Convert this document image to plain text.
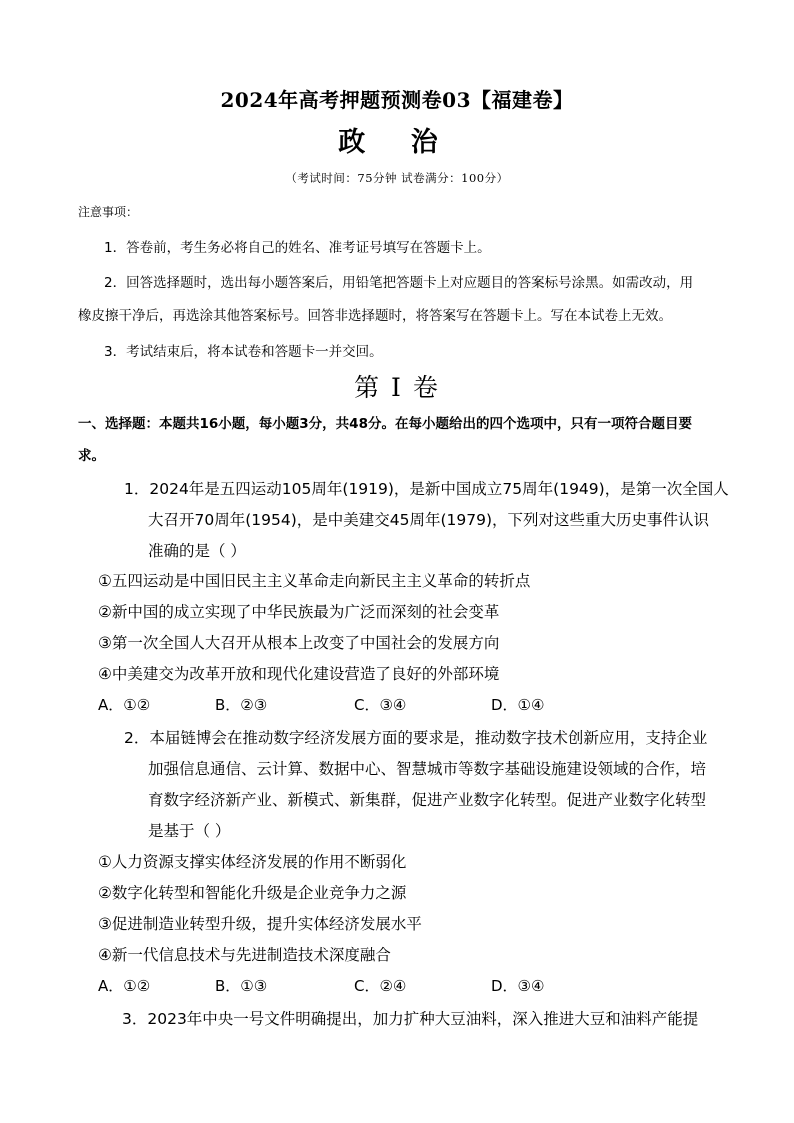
2024年高考押题预测卷03【福建卷】
政 治
（考试时间：75分钟 试卷满分：100分）
注意事项：
1．答卷前，考生务必将自己的姓名、准考证号填写在答题卡上。
2．回答选择题时，选出每小题答案后，用铅笔把答题卡上对应题目的答案标号涂黑。如需改动，用
橡皮擦干净后，再选涂其他答案标号。回答非选择题时，将答案写在答题卡上。写在本试卷上无效。
3．考试结束后，将本试卷和答题卡一并交回。
第 I 卷
一、选择题：本题共16小题，每小题3分，共48分。在每小题给出的四个选项中，只有一项符合题目要
求。
1．2024年是五四运动105周年(1919)，是新中国成立75周年(1949)，是第一次全国人
大召开70周年(1954)，是中美建交45周年(1979)，下列对这些重大历史事件认识
准确的是（ ）
①五四运动是中国旧民主主义革命走向新民主主义革命的转折点
②新中国的成立实现了中华民族最为广泛而深刻的社会变革
③第一次全国人大召开从根本上改变了中国社会的发展方向
④中美建交为改革开放和现代化建设营造了良好的外部环境
A．①②	B．②③	C．③④	D．①④
2．本届链博会在推动数字经济发展方面的要求是，推动数字技术创新应用，支持企业
加强信息通信、云计算、数据中心、智慧城市等数字基础设施建设领域的合作，培
育数字经济新产业、新模式、新集群，促进产业数字化转型。促进产业数字化转型
是基于（ ）
①人力资源支撑实体经济发展的作用不断弱化
②数字化转型和智能化升级是企业竞争力之源
③促进制造业转型升级，提升实体经济发展水平
④新一代信息技术与先进制造技术深度融合
A．①②	B．①③	C．②④	D．③④
3．2023年中央一号文件明确提出，加力扩种大豆油料，深入推进大豆和油料产能提
